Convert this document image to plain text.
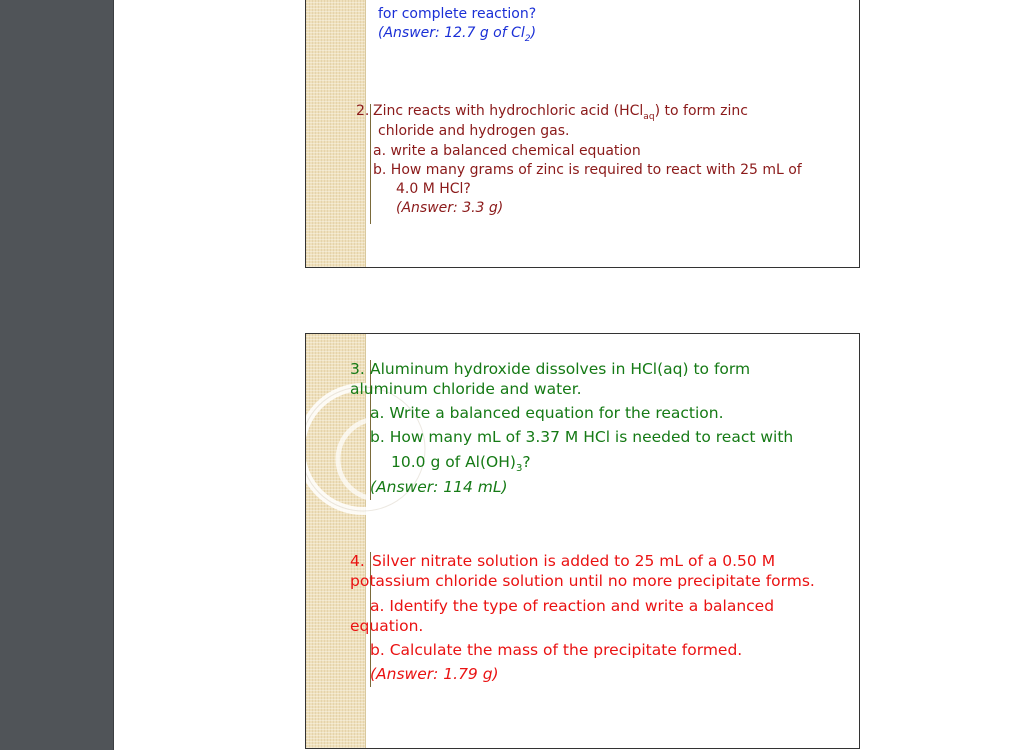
for complete reaction?
(Answer: 12.7 g of $Cl_2$)
2. Zinc reacts with hydrochloric acid (HCl$_{aq}$) to form zinc
chloride and hydrogen gas.
a. write a balanced chemical equation
b. How many grams of zinc is required to react with 25 mL of
4.0 M HCl?
(Answer: 3.3 g)
3. Aluminum hydroxide dissolves in HCl(aq) to form
aluminum chloride and water.
a. Write a balanced equation for the reaction.
b. How many mL of 3.37 M HCl is needed to react with
10.0 g of $Al(OH)_3$?
(Answer: 114 mL)
4. Silver nitrate solution is added to 25 mL of a 0.50 M
potassium chloride solution until no more precipitate forms.
a. Identify the type of reaction and write a balanced
equation.
b. Calculate the mass of the precipitate formed.
(Answer: 1.79 g)
